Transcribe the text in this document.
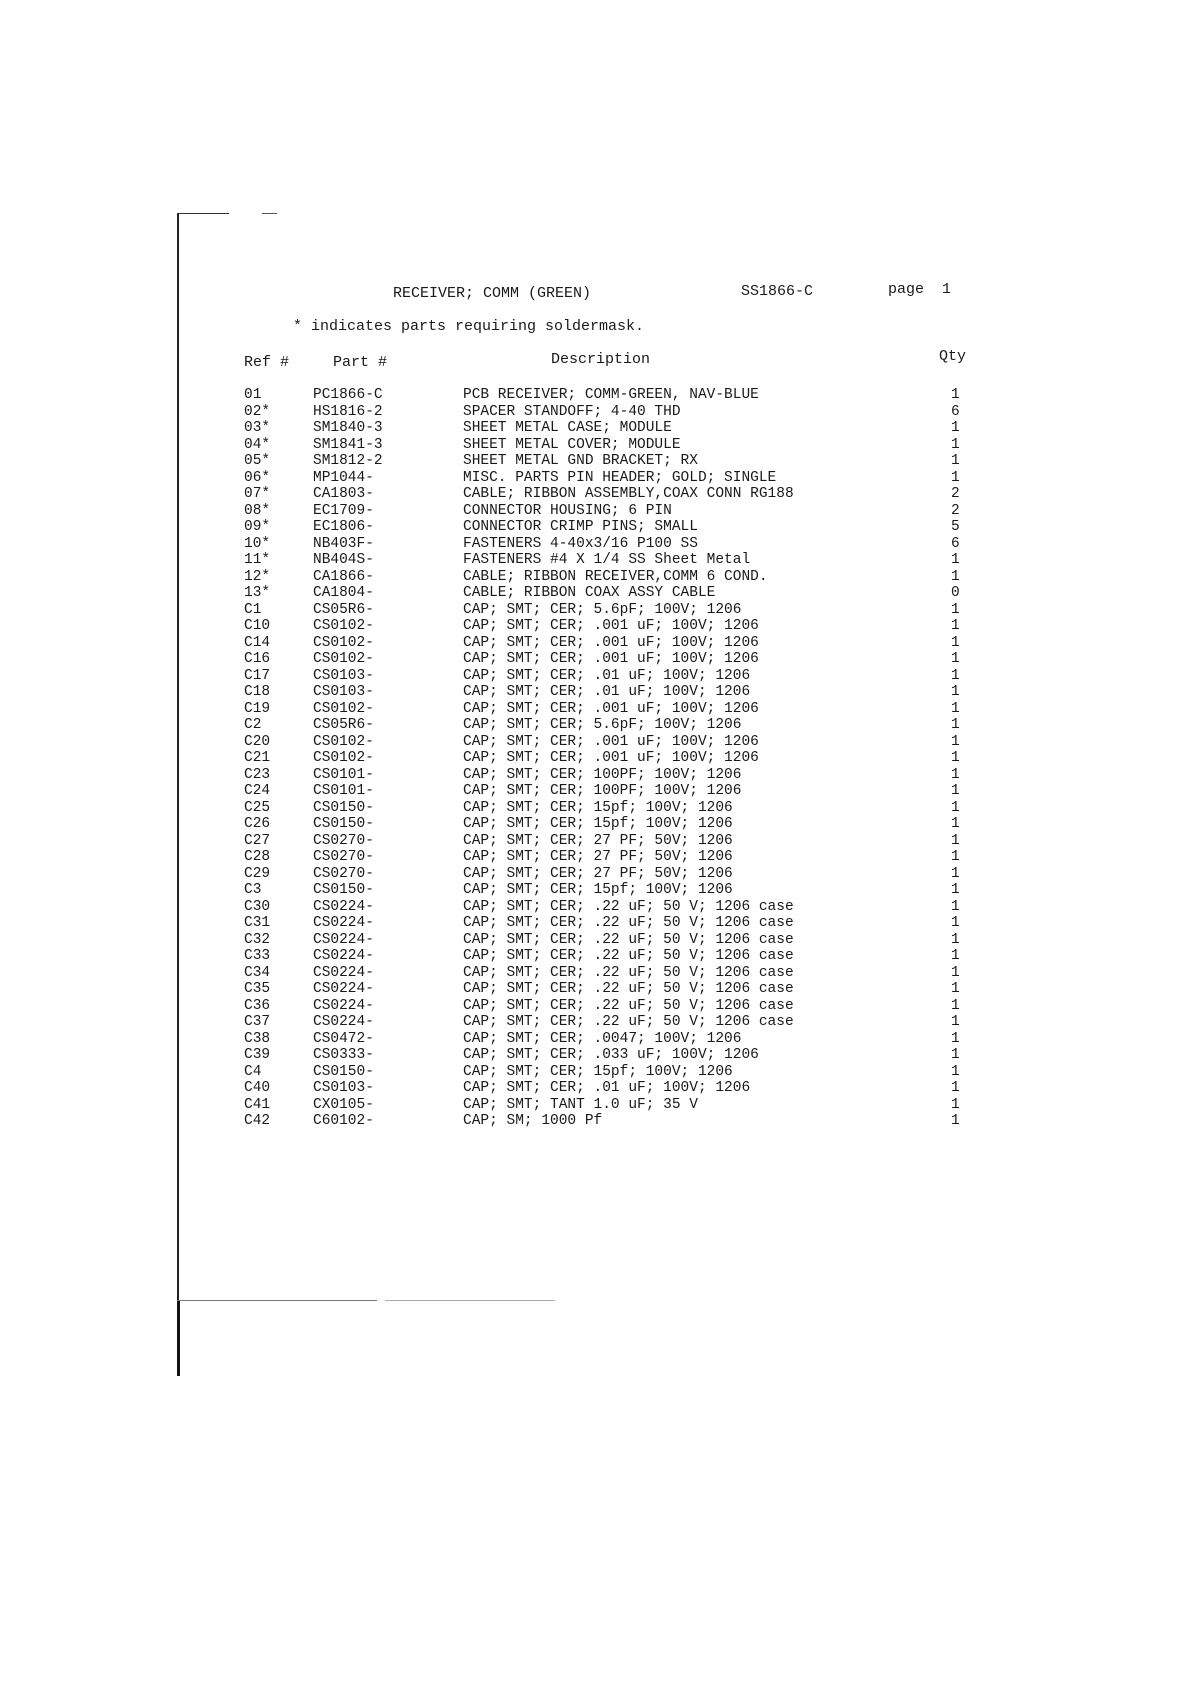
RECEIVER; COMM (GREEN)	SS1866-C	page  1
* indicates parts requiring soldermask.
Ref #	Part #	Description	Qty
01	PC1866-C	PCB RECEIVER; COMM-GREEN, NAV-BLUE	1
02*	HS1816-2	SPACER STANDOFF; 4-40 THD	6
03*	SM1840-3	SHEET METAL CASE; MODULE	1
04*	SM1841-3	SHEET METAL COVER; MODULE	1
05*	SM1812-2	SHEET METAL GND BRACKET; RX	1
06*	MP1044-	MISC. PARTS PIN HEADER; GOLD; SINGLE	1
07*	CA1803-	CABLE; RIBBON ASSEMBLY,COAX CONN RG188	2
08*	EC1709-	CONNECTOR HOUSING; 6 PIN	2
09*	EC1806-	CONNECTOR CRIMP PINS; SMALL	5
10*	NB403F-	FASTENERS 4-40x3/16 P100 SS	6
11*	NB404S-	FASTENERS #4 X 1/4 SS Sheet Metal	1
12*	CA1866-	CABLE; RIBBON RECEIVER,COMM 6 COND.	1
13*	CA1804-	CABLE; RIBBON COAX ASSY CABLE	0
C1	CS05R6-	CAP; SMT; CER; 5.6pF; 100V; 1206	1
C10	CS0102-	CAP; SMT; CER; .001 uF; 100V; 1206	1
C14	CS0102-	CAP; SMT; CER; .001 uF; 100V; 1206	1
C16	CS0102-	CAP; SMT; CER; .001 uF; 100V; 1206	1
C17	CS0103-	CAP; SMT; CER; .01 uF; 100V; 1206	1
C18	CS0103-	CAP; SMT; CER; .01 uF; 100V; 1206	1
C19	CS0102-	CAP; SMT; CER; .001 uF; 100V; 1206	1
C2	CS05R6-	CAP; SMT; CER; 5.6pF; 100V; 1206	1
C20	CS0102-	CAP; SMT; CER; .001 uF; 100V; 1206	1
C21	CS0102-	CAP; SMT; CER; .001 uF; 100V; 1206	1
C23	CS0101-	CAP; SMT; CER; 100PF; 100V; 1206	1
C24	CS0101-	CAP; SMT; CER; 100PF; 100V; 1206	1
C25	CS0150-	CAP; SMT; CER; 15pf; 100V; 1206	1
C26	CS0150-	CAP; SMT; CER; 15pf; 100V; 1206	1
C27	CS0270-	CAP; SMT; CER; 27 PF; 50V; 1206	1
C28	CS0270-	CAP; SMT; CER; 27 PF; 50V; 1206	1
C29	CS0270-	CAP; SMT; CER; 27 PF; 50V; 1206	1
C3	CS0150-	CAP; SMT; CER; 15pf; 100V; 1206	1
C30	CS0224-	CAP; SMT; CER; .22 uF; 50 V; 1206 case	1
C31	CS0224-	CAP; SMT; CER; .22 uF; 50 V; 1206 case	1
C32	CS0224-	CAP; SMT; CER; .22 uF; 50 V; 1206 case	1
C33	CS0224-	CAP; SMT; CER; .22 uF; 50 V; 1206 case	1
C34	CS0224-	CAP; SMT; CER; .22 uF; 50 V; 1206 case	1
C35	CS0224-	CAP; SMT; CER; .22 uF; 50 V; 1206 case	1
C36	CS0224-	CAP; SMT; CER; .22 uF; 50 V; 1206 case	1
C37	CS0224-	CAP; SMT; CER; .22 uF; 50 V; 1206 case	1
C38	CS0472-	CAP; SMT; CER; .0047; 100V; 1206	1
C39	CS0333-	CAP; SMT; CER; .033 uF; 100V; 1206	1
C4	CS0150-	CAP; SMT; CER; 15pf; 100V; 1206	1
C40	CS0103-	CAP; SMT; CER; .01 uF; 100V; 1206	1
C41	CX0105-	CAP; SMT; TANT 1.0 uF; 35 V	1
C42	C60102-	CAP; SM; 1000 Pf	1
